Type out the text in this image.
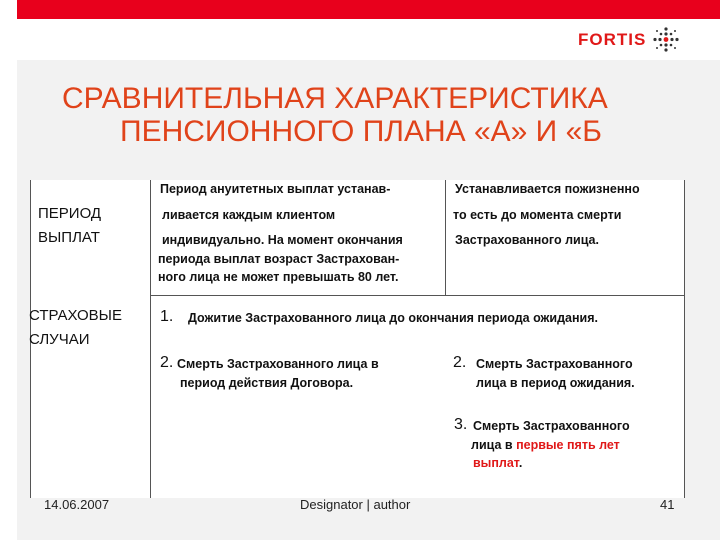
FORTIS
СРАВНИТЕЛЬНАЯ ХАРАКТЕРИСТИКА
ПЕНСИОННОГО ПЛАНА «А» И «Б
ПЕРИОД
ВЫПЛАТ
Период ануитетных выплат устанав-
ливается каждым клиентом
индивидуально. На момент окончания
периода выплат возраст Застрахован-
ного лица не может превышать 80 лет.
Устанавливается пожизненно
то есть до момента смерти
Застрахованного лица.
СТРАХОВЫЕ
СЛУЧАИ
1. Дожитие Застрахованного лица до окончания периода ожидания.
2. Смерть Застрахованного лица в
период действия Договора.
2. Смерть Застрахованного
лица в период ожидания.
3. Смерть Застрахованного
лица в первые пять лет
выплат.
14.06.2007	Designator | author	41
